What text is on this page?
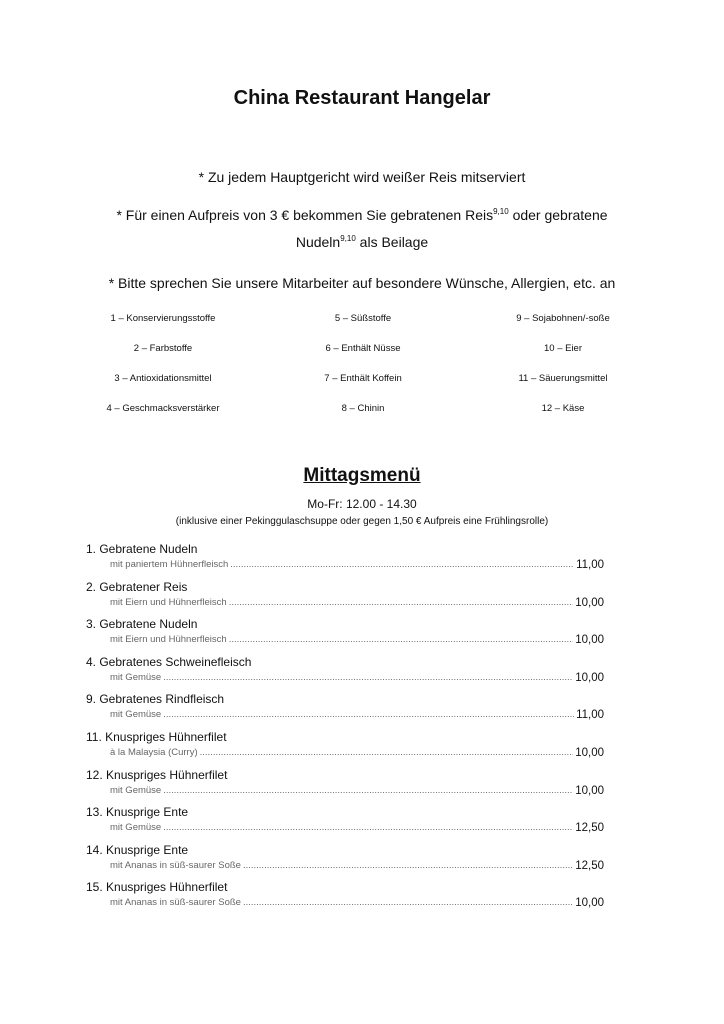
China Restaurant Hangelar
* Zu jedem Hauptgericht wird weißer Reis mitserviert
* Für einen Aufpreis von 3 € bekommen Sie gebratenen Reis$^{9,10}$ oder gebratene
Nudeln$^{9,10}$ als Beilage
* Bitte sprechen Sie unsere Mitarbeiter auf besondere Wünsche, Allergien, etc. an
1 – Konservierungsstoffe	5 – Süßstoffe	9 – Sojabohnen/-soße
2 – Farbstoffe	6 – Enthält Nüsse	10 – Eier
3 – Antioxidationsmittel	7 – Enthält Koffein	11 – Säuerungsmittel
4 – Geschmacksverstärker	8 – Chinin	12 – Käse
Mittagsmenü
Mo-Fr: 12.00 - 14.30
(inklusive einer Pekinggulaschsuppe oder gegen 1,50 € Aufpreis eine Frühlingsrolle)
1. Gebratene Nudeln
mit paniertem Hühnerfleisch .....	11,00
2. Gebratener Reis
mit Eiern und Hühnerfleisch .....	10,00
3. Gebratene Nudeln
mit Eiern und Hühnerfleisch .....	10,00
4. Gebratenes Schweinefleisch
mit Gemüse .....	10,00
9. Gebratenes Rindfleisch
mit Gemüse .....	11,00
11. Knuspriges Hühnerfilet
à la Malaysia (Curry) .....	10,00
12. Knuspriges Hühnerfilet
mit Gemüse .....	10,00
13. Knusprige Ente
mit Gemüse .....	12,50
14. Knusprige Ente
mit Ananas in süß-saurer Soße .....	12,50
15. Knuspriges Hühnerfilet
mit Ananas in süß-saurer Soße .....	10,00
